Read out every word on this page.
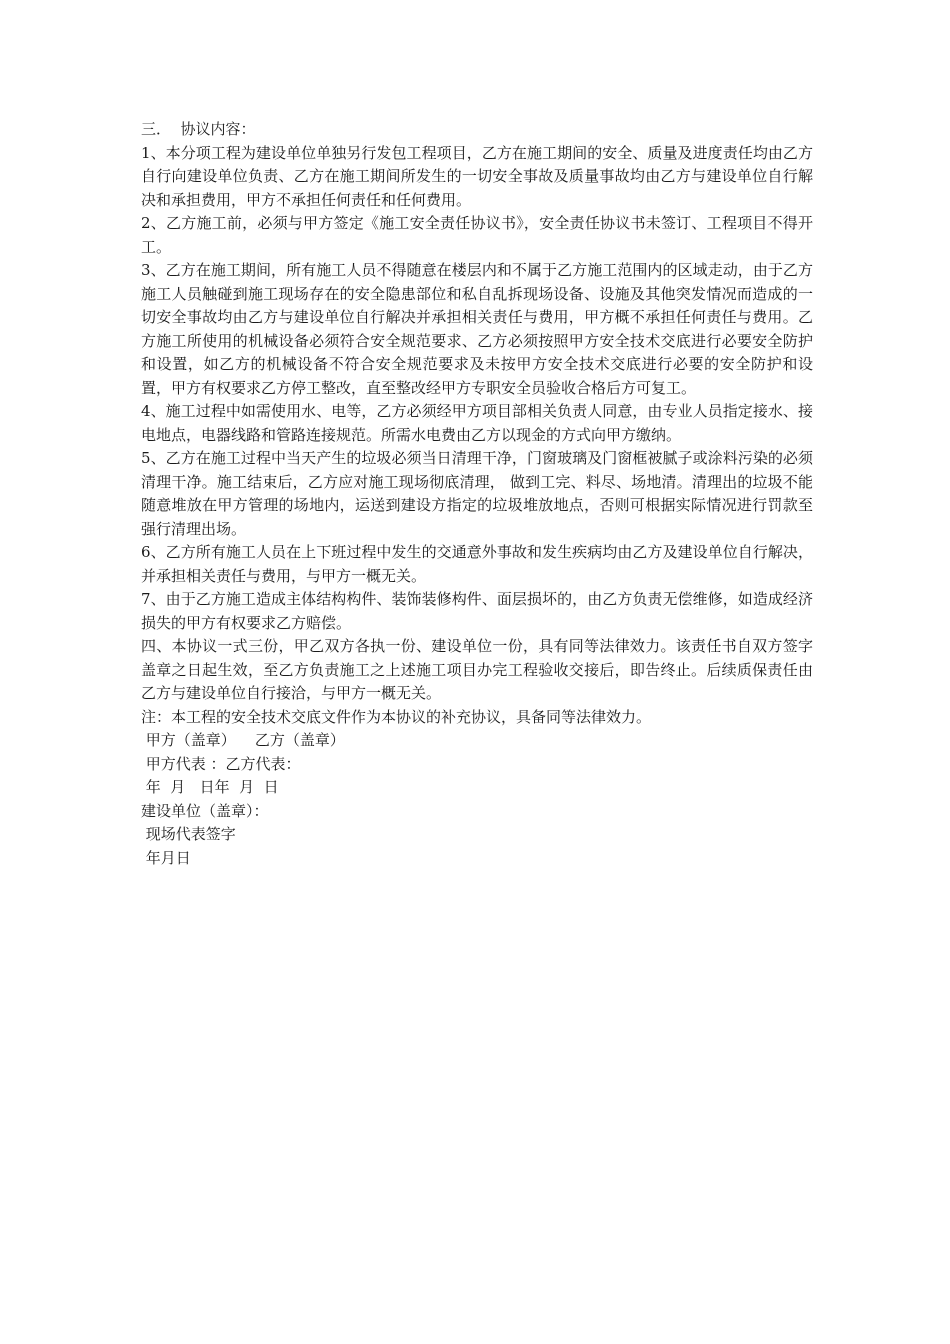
三．  协议内容：

1、本分项工程为建设单位单独另行发包工程项目，乙方在施工期间的安全、质量及进度责任均由乙方自行向建设单位负责、乙方在施工期间所发生的一切安全事故及质量事故均由乙方与建设单位自行解决和承担费用，甲方不承担任何责任和任何费用。

2、乙方施工前，必须与甲方签定《施工安全责任协议书》，安全责任协议书未签订、工程项目不得开工。

3、乙方在施工期间，所有施工人员不得随意在楼层内和不属于乙方施工范围内的区域走动，由于乙方施工人员触碰到施工现场存在的安全隐患部位和私自乱拆现场设备、设施及其他突发情况而造成的一切安全事故均由乙方与建设单位自行解决并承担相关责任与费用，甲方概不承担任何责任与费用。乙方施工所使用的机械设备必须符合安全规范要求、乙方必须按照甲方安全技术交底进行必要安全防护和设置，如乙方的机械设备不符合安全规范要求及未按甲方安全技术交底进行必要的安全防护和设置，甲方有权要求乙方停工整改，直至整改经甲方专职安全员验收合格后方可复工。

4、施工过程中如需使用水、电等，乙方必须经甲方项目部相关负责人同意，由专业人员指定接水、接电地点，电器线路和管路连接规范。所需水电费由乙方以现金的方式向甲方缴纳。

5、乙方在施工过程中当天产生的垃圾必须当日清理干净，门窗玻璃及门窗框被腻子或涂料污染的必须清理干净。施工结束后，乙方应对施工现场彻底清理， 做到工完、料尽、场地清。清理出的垃圾不能随意堆放在甲方管理的场地内，运送到建设方指定的垃圾堆放地点，否则可根据实际情况进行罚款至强行清理出场。

6、乙方所有施工人员在上下班过程中发生的交通意外事故和发生疾病均由乙方及建设单位自行解决，并承担相关责任与费用，与甲方一概无关。

7、由于乙方施工造成主体结构构件、装饰装修构件、面层损坏的，由乙方负责无偿维修，如造成经济损失的甲方有权要求乙方赔偿。

四、本协议一式三份，甲乙双方各执一份、建设单位一份，具有同等法律效力。该责任书自双方签字盖章之日起生效，至乙方负责施工之上述施工项目办完工程验收交接后，即告终止。后续质保责任由乙方与建设单位自行接洽，与甲方一概无关。

注：本工程的安全技术交底文件作为本协议的补充协议，具备同等法律效力。

甲方（盖章）    乙方（盖章）

甲方代表 ：乙方代表：

年  月   日年  月  日

建设单位（盖章）：

现场代表签字

年月日
